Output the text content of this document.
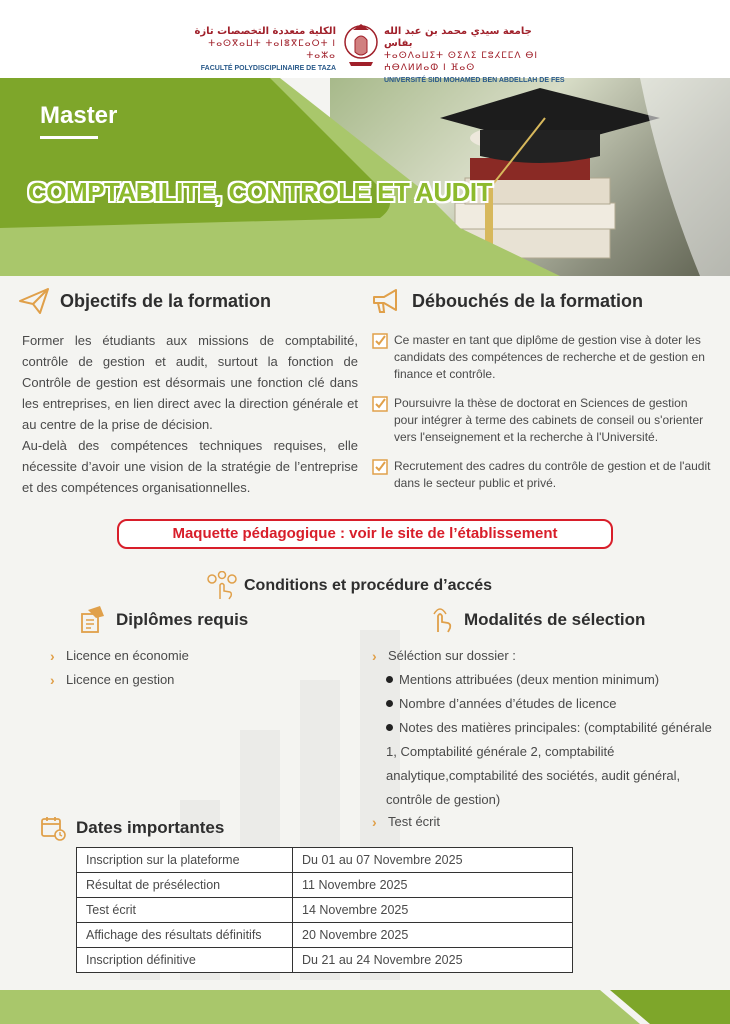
الكلية متعددة التخصصات تازة
ⵜⴰⵙⴳⴰⵡⵜ ⵜⴰⵏⴻⴳⵎⴰⵔⵜ ⵏ ⵜⴰⵣⴰ
FACULTÉ POLYDISCIPLINAIRE DE TAZA
جامعة سيدي محمد بن عبد الله بفاس
ⵜⴰⵙⴷⴰⵡⵉⵜ ⵙⵉⴷⵉ ⵎⵓⵃⵎⵎⴷ ⴱⵏ ⵄⴱⴷⵍⵍⴰⵀ ⵏ ⴼⴰⵙ
UNIVERSITÉ SIDI MOHAMED BEN ABDELLAH DE FES
Master
COMPTABILITE, CONTROLE ET AUDIT
Objectifs de la formation

Former les étudiants aux missions de comptabilité, contrôle de gestion et audit, surtout la fonction de Contrôle de gestion est désormais une fonction clé dans les entreprises, en lien direct avec la direction générale et au centre de la prise de décision.

Au-delà des compétences techniques requises, elle nécessite d’avoir une vision de la stratégie de l’entreprise et des compétences organisationnelles.

Débouchés de la formation
Ce master en tant que diplôme de gestion vise à doter les candidats des compétences de recherche et de gestion en finance et contrôle.
Poursuivre la thèse de doctorat en Sciences de gestion pour intégrer à terme des cabinets de conseil ou s'orienter vers l'enseignement et la recherche à l'Université.
Recrutement des cadres du contrôle de gestion et de l'audit dans le secteur public et privé.
Maquette pédagogique : voir le site de l’établissement
Conditions et procédure d’accés
Diplômes requis
› Licence en économie
› Licence en gestion
Modalités de sélection
› Séléction sur dossier :
Mentions attribuées (deux mention minimum)
Nombre d’années d’études de licence
Notes des matières principales: (comptabilité générale 1, Comptabilité générale 2, comptabilité analytique,comptabilité des sociétés, audit général, contrôle de gestion)
› Test écrit
Dates importantes
Inscription sur la plateforme	Du 01 au 07 Novembre 2025
Résultat de présélection	11 Novembre 2025
Test écrit	14 Novembre 2025
Affichage des résultats définitifs	20 Novembre 2025
Inscription définitive	Du 21 au 24 Novembre 2025
